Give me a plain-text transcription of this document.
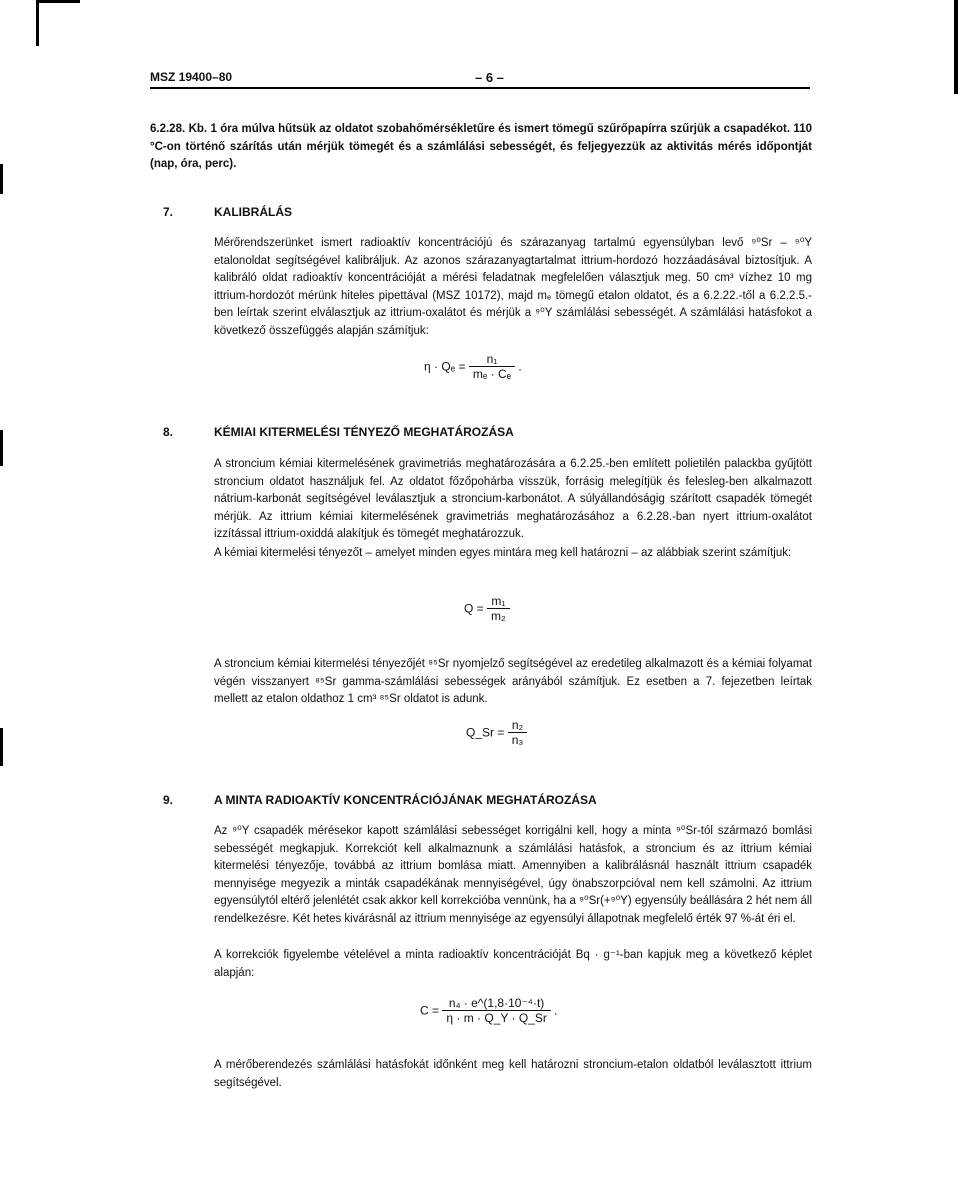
MSZ 19400–80	– 6 –

6.2.28. Kb. 1 óra múlva hűtsük az oldatot szobahőmérsékletűre és ismert tömegű szűrőpapírra szűrjük a csapadékot. 110 °C-on történő szárítás után mérjük tömegét és a számlálási sebességét, és feljegyezzük az aktivitás mérés időpontját (nap, óra, perc).

7.	KALIBRÁLÁS

Mérőrendszerünket ismert radioaktív koncentrációjú és szárazanyag tartalmú egyensúlyban levő ⁹⁰Sr – ⁹⁰Y etalonoldat segítségével kalibráljuk. Az azonos szárazanyagtartalmat ittrium-hordozó hozzáadásával biztosítjuk. A kalibráló oldat radioaktív koncentrációját a mérési feladatnak megfelelően választjuk meg. 50 cm³ vízhez 10 mg ittrium-hordozót mérünk hiteles pipettával (MSZ 10172), majd mₑ tömegű etalon oldatot, és a 6.2.22.-től a 6.2.2.5.-ben leírtak szerint elválasztjuk az ittrium-oxalátot és mérjük a ⁹⁰Y számlálási sebességét. A számlálási hatásfokot a következő összefüggés alapján számítjuk:

$\eta \cdot Q_e = \frac{\text{n₁}}{\text{mₑ · Cₑ}}$ .
8.	KÉMIAI KITERMELÉSI TÉNYEZŐ MEGHATÁROZÁSA

A stroncium kémiai kitermelésének gravimetriás meghatározására a 6.2.25.-ben említett polietilén palackba gyűjtött stroncium oldatot használjuk fel. Az oldatot főzőpohárba visszük, forrásig melegítjük és felesleg-ben alkalmazott nátrium-karbonát segítségével leválasztjuk a stroncium-karbonátot. A súlyállandóságig szárított csapadék tömegét mérjük. Az ittrium kémiai kitermelésének gravimetriás meghatározásához a 6.2.28.-ban nyert ittrium-oxalátot izzítással ittrium-oxiddá alakítjuk és tömegét meghatározzuk.

A kémiai kitermelési tényezőt – amelyet minden egyes mintára meg kell határozni – az alábbiak szerint számítjuk:

$Q = \frac{\text{m₁}}{\text{m₂}}$

A stroncium kémiai kitermelési tényezőjét ⁸⁵Sr nyomjelző segítségével az eredetileg alkalmazott és a kémiai folyamat végén visszanyert ⁸⁵Sr gamma-számlálási sebességek arányából számítjuk. Ez esetben a 7. fejezetben leírtak mellett az etalon oldathoz 1 cm³ ⁸⁵Sr oldatot is adunk.

Q_Sr = $\frac{\text{n₂}}{\text{n₃}}$
9.	A MINTA RADIOAKTÍV KONCENTRÁCIÓJÁNAK MEGHATÁROZÁSA

Az ⁹⁰Y csapadék mérésekor kapott számlálási sebességet korrigálni kell, hogy a minta ⁹⁰Sr-tól származó bomlási sebességét megkapjuk. Korrekciót kell alkalmaznunk a számlálási hatásfok, a stroncium és az ittrium kémiai kitermelési tényezője, továbbá az ittrium bomlása miatt. Amennyiben a kalibrálásnál használt ittrium csapadék mennyisége megyezik a minták csapadékának mennyiségével, úgy önabszorpcióval nem kell számolni. Az ittrium egyensúlytól eltérő jelenlétét csak akkor kell korrekcióba vennünk, ha a ⁹⁰Sr(+⁹⁰Y) egyensúly beállására 2 hét nem áll rendelkezésre. Két hetes kivárásnál az ittrium mennyisége az egyensúlyi állapotnak megfelelő érték 97 %-át éri el.

A korrekciók figyelembe vételével a minta radioaktív koncentrációját Bq · g⁻¹-ban kapjuk meg a következő képlet alapján:

$C = \frac{\text{n₄ · e\textasciicircum{}(1,8·10⁻⁴·t)}}{\eta \cdot m \cdot Q\_Y \cdot Q\_Sr}$ .

A mérőberendezés számlálási hatásfokát időnként meg kell határozni stroncium-etalon oldatból leválasztott ittrium segítségével.
